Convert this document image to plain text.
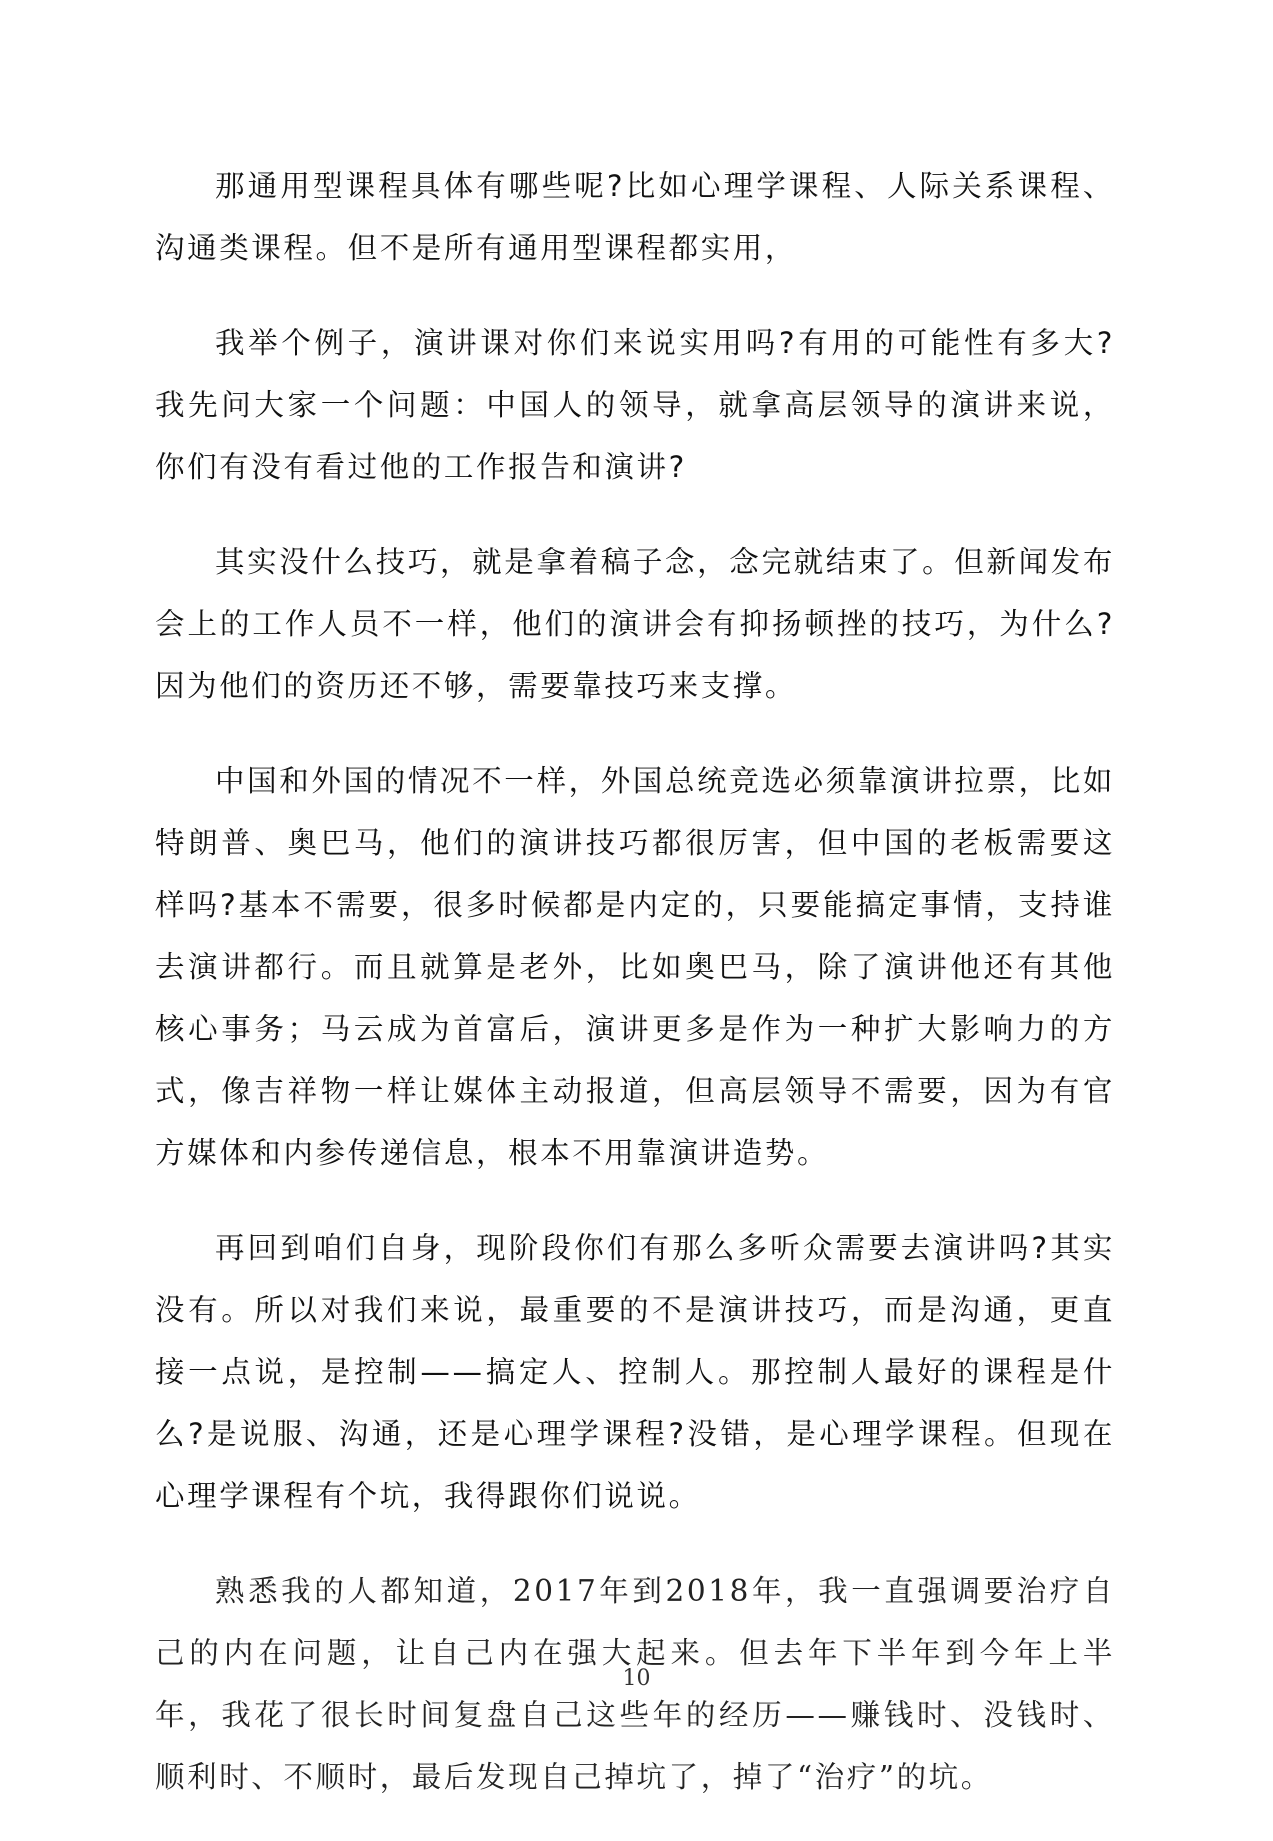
那通用型课程具体有哪些呢?比如心理学课程、人际关系课程、沟通类课程。但不是所有通用型课程都实用，

我举个例子，演讲课对你们来说实用吗?有用的可能性有多大?我先问大家一个问题：中国人的领导，就拿高层领导的演讲来说，你们有没有看过他的工作报告和演讲?

其实没什么技巧，就是拿着稿子念，念完就结束了。但新闻发布会上的工作人员不一样，他们的演讲会有抑扬顿挫的技巧，为什么?因为他们的资历还不够，需要靠技巧来支撑。

中国和外国的情况不一样，外国总统竞选必须靠演讲拉票，比如特朗普、奥巴马，他们的演讲技巧都很厉害，但中国的老板需要这样吗?基本不需要，很多时候都是内定的，只要能搞定事情，支持谁去演讲都行。而且就算是老外，比如奥巴马，除了演讲他还有其他核心事务；马云成为首富后，演讲更多是作为一种扩大影响力的方式，像吉祥物一样让媒体主动报道，但高层领导不需要，因为有官方媒体和内参传递信息，根本不用靠演讲造势。

再回到咱们自身，现阶段你们有那么多听众需要去演讲吗?其实没有。所以对我们来说，最重要的不是演讲技巧，而是沟通，更直接一点说，是控制——搞定人、控制人。那控制人最好的课程是什么?是说服、沟通，还是心理学课程?没错，是心理学课程。但现在心理学课程有个坑，我得跟你们说说。

熟悉我的人都知道，2017年到2018年，我一直强调要治疗自己的内在问题，让自己内在强大起来。但去年下半年到今年上半年，我花了很长时间复盘自己这些年的经历——赚钱时、没钱时、顺利时、不顺时，最后发现自己掉坑了，掉了“治疗”的坑。

10
